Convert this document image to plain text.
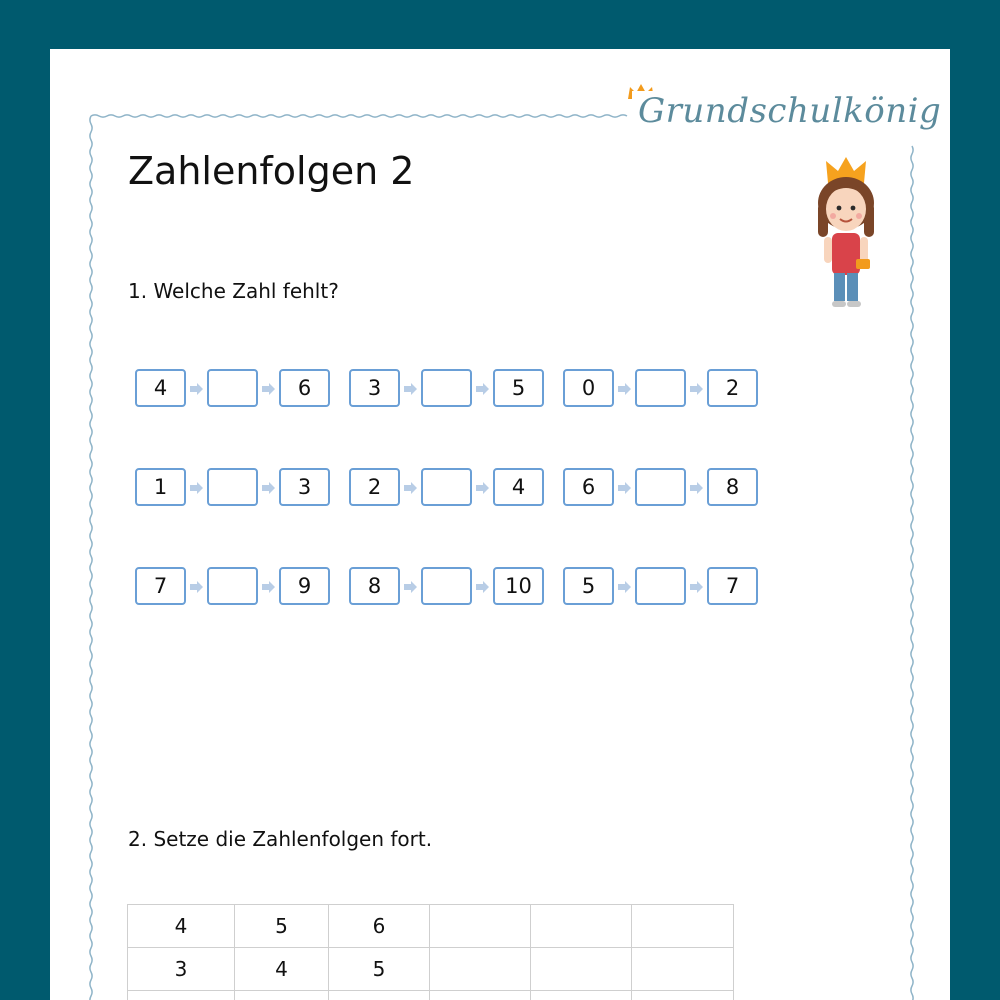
Grundschulkönig
Zahlenfolgen 2
1. Welche Zahl fehlt?
4	6	3	5	0	2
1	3	2	4	6	8
7	9	8	10	5	7
2. Setze die Zahlenfolgen fort.
4	5	6			
3	4	5			
